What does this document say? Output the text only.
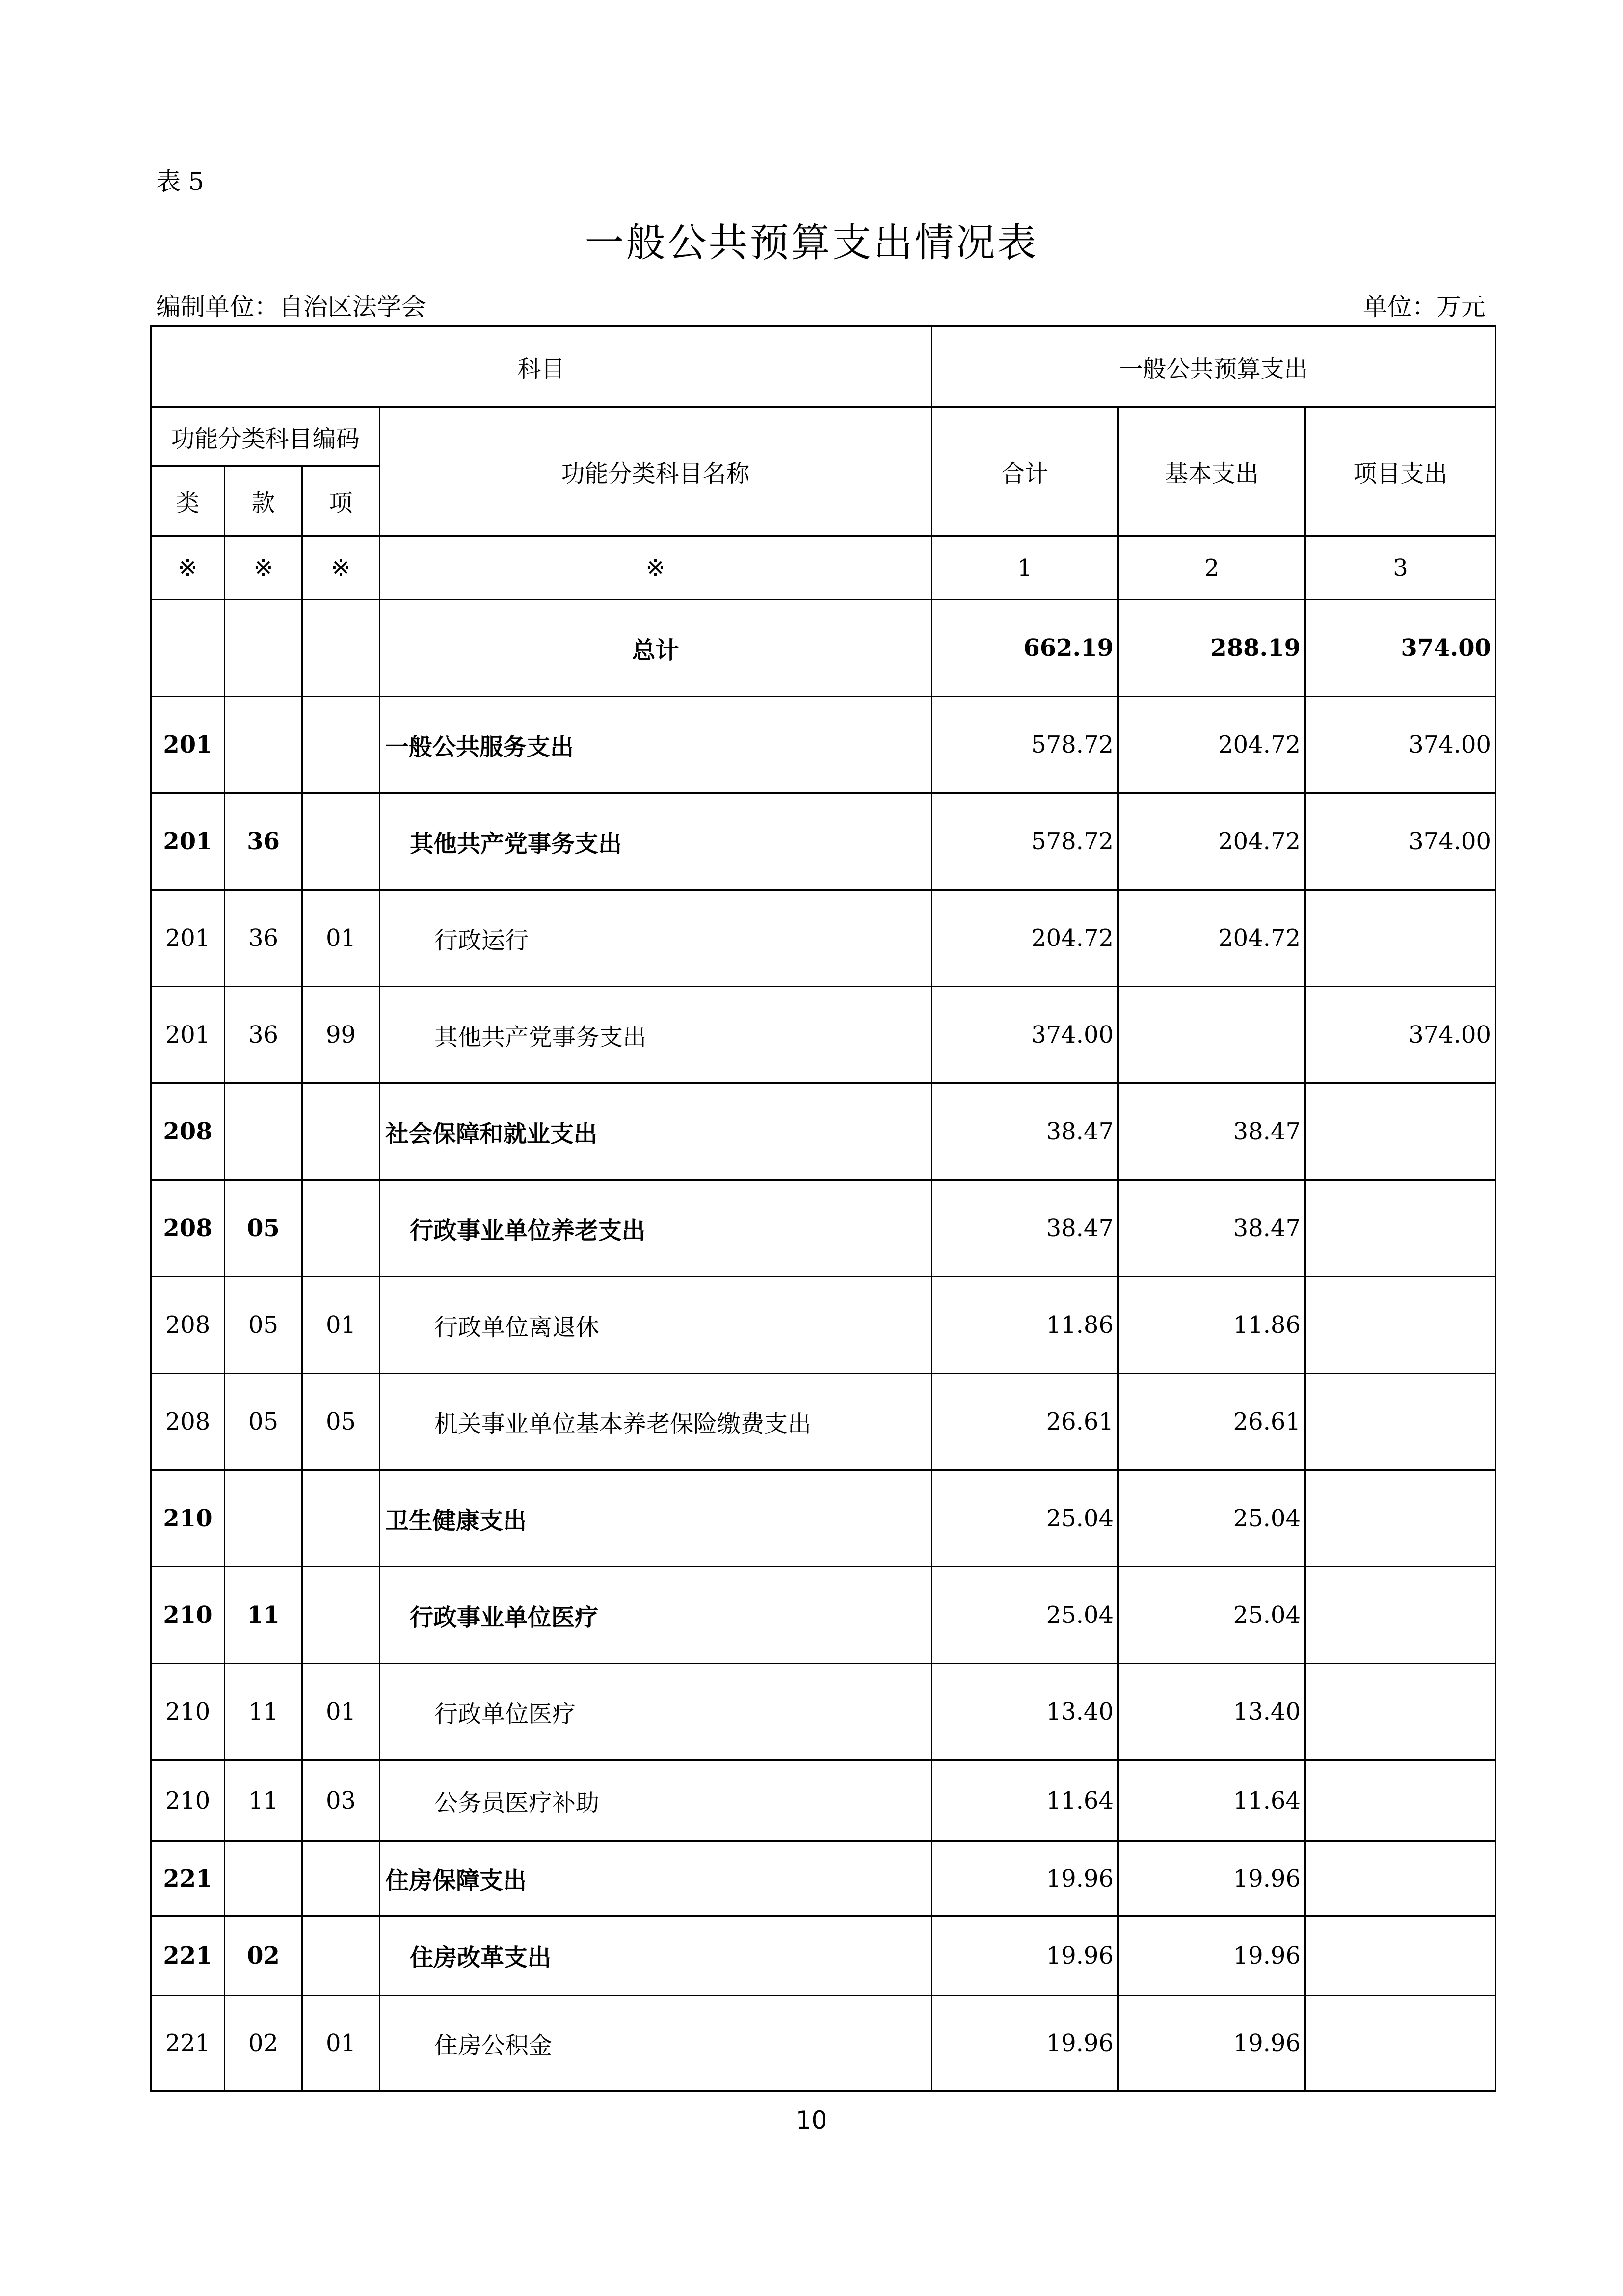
表 5
一般公共预算支出情况表
编制单位：自治区法学会	单位：万元
科目				一般公共预算支出		
功能分类科目编码			功能分类科目名称	合计	基本支出	项目支出
类	款	项				
※	※	※	※	1	2	3
			总计	662.19	288.19	374.00
201			一般公共服务支出	578.72	204.72	374.00
201	36		其他共产党事务支出	578.72	204.72	374.00
201	36	01	行政运行	204.72	204.72	
201	36	99	其他共产党事务支出	374.00		374.00
208			社会保障和就业支出	38.47	38.47	
208	05		行政事业单位养老支出	38.47	38.47	
208	05	01	行政单位离退休	11.86	11.86	
208	05	05	机关事业单位基本养老保险缴费支出	26.61	26.61	
210			卫生健康支出	25.04	25.04	
210	11		行政事业单位医疗	25.04	25.04	
210	11	01	行政单位医疗	13.40	13.40	
210	11	03	公务员医疗补助	11.64	11.64	
221			住房保障支出	19.96	19.96	
221	02		住房改革支出	19.96	19.96	
221	02	01	住房公积金	19.96	19.96	
10
